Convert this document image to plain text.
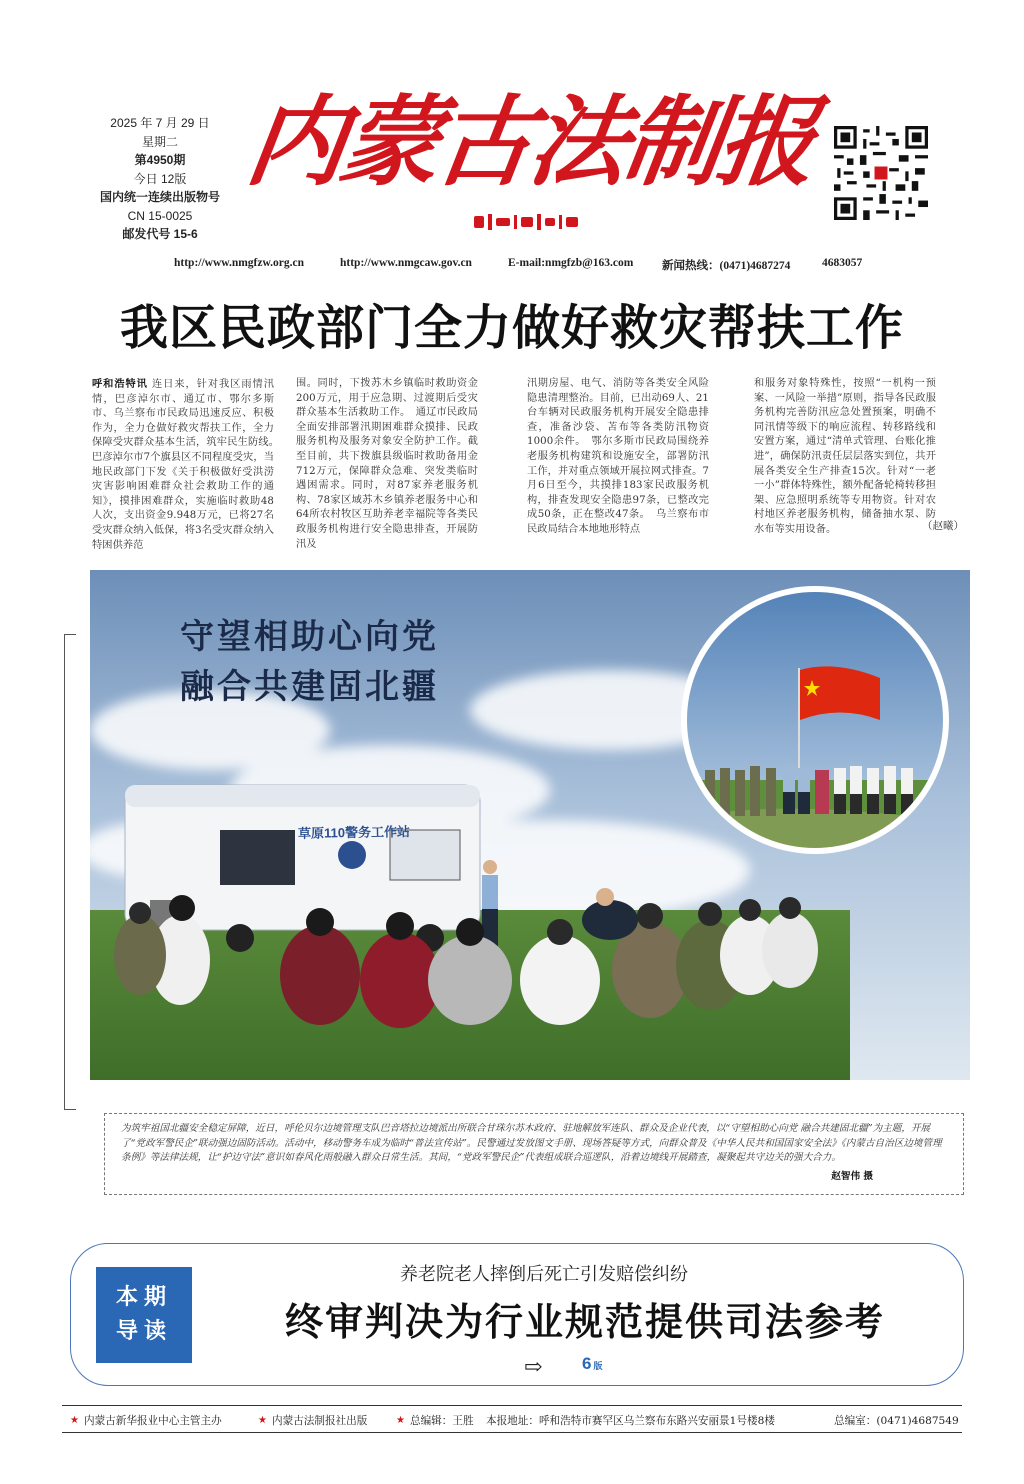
2025 年 7 月 29 日
星期二
第4950期
今日 12版
国内统一连续出版物号
CN 15-0025
邮发代号 15-6
内蒙古法制报
http://www.nmgfzw.org.cn	http://www.nmgcaw.gov.cn	E-mail:nmgfzb@163.com 新闻热线：(0471)4687274	4683057
我区民政部门全力做好救灾帮扶工作
呼和浩特讯 连日来，针对我区雨情汛情，巴彦淖尔市、通辽市、鄂尔多斯市、乌兰察布市民政局迅速反应、积极作为，全力仓做好救灾帮扶工作，全力保障受灾群众基本生活，筑牢民生防线。　巴彦淖尔市7个旗县区不同程度受灾，当地民政部门下发《关于积极做好受洪涝灾害影响困难群众社会救助工作的通知》，摸排困难群众，实施临时救助48人次，支出资金9.948万元，已将27名受灾群众纳入低保，将3名受灾群众纳入特困供养范
围。同时，下拨苏木乡镇临时救助资金200万元，用于应急期、过渡期后受灾群众基本生活救助工作。　通辽市民政局全面安排部署汛期困难群众摸排、民政服务机构及服务对象安全防护工作。截至目前，共下拨旗县级临时救助备用金712万元，保障群众急难、突发类临时遇困需求。同时，对87家养老服务机构、78家区域苏木乡镇养老服务中心和64所农村牧区互助养老幸福院等各类民政服务机构进行安全隐患排查，开展防汛及
汛期房屋、电气、消防等各类安全风险隐患清理整治。目前，已出动69人、21台车辆对民政服务机构开展安全隐患排查，准备沙袋、苫布等各类防汛物资1000余件。　鄂尔多斯市民政局围绕养老服务机构建筑和设施安全，部署防汛工作，并对重点领域开展拉网式排查。7月6日至今，共摸排183家民政服务机构，排查发现安全隐患97条，已整改完成50条，正在整改47条。　乌兰察布市民政局结合本地地形特点
和服务对象特殊性，按照“一机构一预案、一风险一举措”原则，指导各民政服务机构完善防汛应急处置预案，明确不同汛情等级下的响应流程、转移路线和安置方案，通过“清单式管理、台账化推进”，确保防汛责任层层落实到位，共开展各类安全生产排查15次。针对“一老一小”群体特殊性，额外配备轮椅转移担架、应急照明系统等专用物资。针对农村地区养老服务机构，储备抽水泵、防水布等实用设备。	（赵曦）
守望相助心向党
融合共建固北疆
草原110警务工作站
为筑牢祖国北疆安全稳定屏障，近日，呼伦贝尔边境管理支队巴音塔拉边境派出所联合甘珠尔苏木政府、驻地解放军连队、群众及企业代表，以“守望相助心向党 融合共建固北疆”为主题，开展了“党政军警民企”联动强边固防活动。活动中，移动警务车成为临时“普法宣传站”。民警通过发放图文手册、现场答疑等方式，向群众普及《中华人民共和国国家安全法》《内蒙古自治区边境管理条例》等法律法规，让“护边守法”意识如春风化雨般融入群众日常生活。其间，“党政军警民企”代表组成联合巡逻队，沿着边境线开展踏查，凝聚起共守边关的强大合力。
赵智伟 摄
本期
导读
养老院老人摔倒后死亡引发赔偿纠纷
终审判决为行业规范提供司法参考
⇨ 6 版
★ 内蒙古新华报业中心主管主办	★ 内蒙古法制报社出版	★ 总编辑：王胜 本报地址：呼和浩特市赛罕区乌兰察布东路兴安丽景1号楼8楼	总编室：(0471)4687549
